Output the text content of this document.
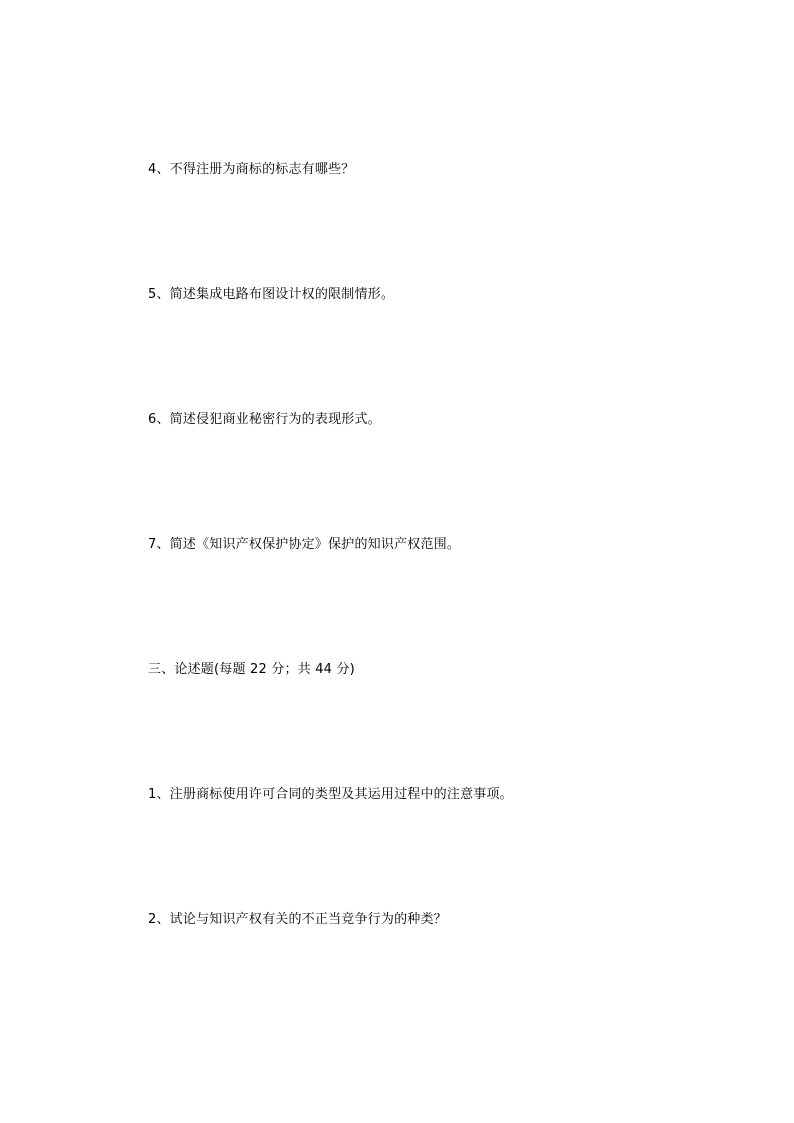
4、不得注册为商标的标志有哪些？
5、简述集成电路布图设计权的限制情形。
6、简述侵犯商业秘密行为的表现形式。
7、简述《知识产权保护协定》保护的知识产权范围。
三、论述题(每题 22 分；共 44 分)
1、注册商标使用许可合同的类型及其运用过程中的注意事项。
2、试论与知识产权有关的不正当竞争行为的种类？
